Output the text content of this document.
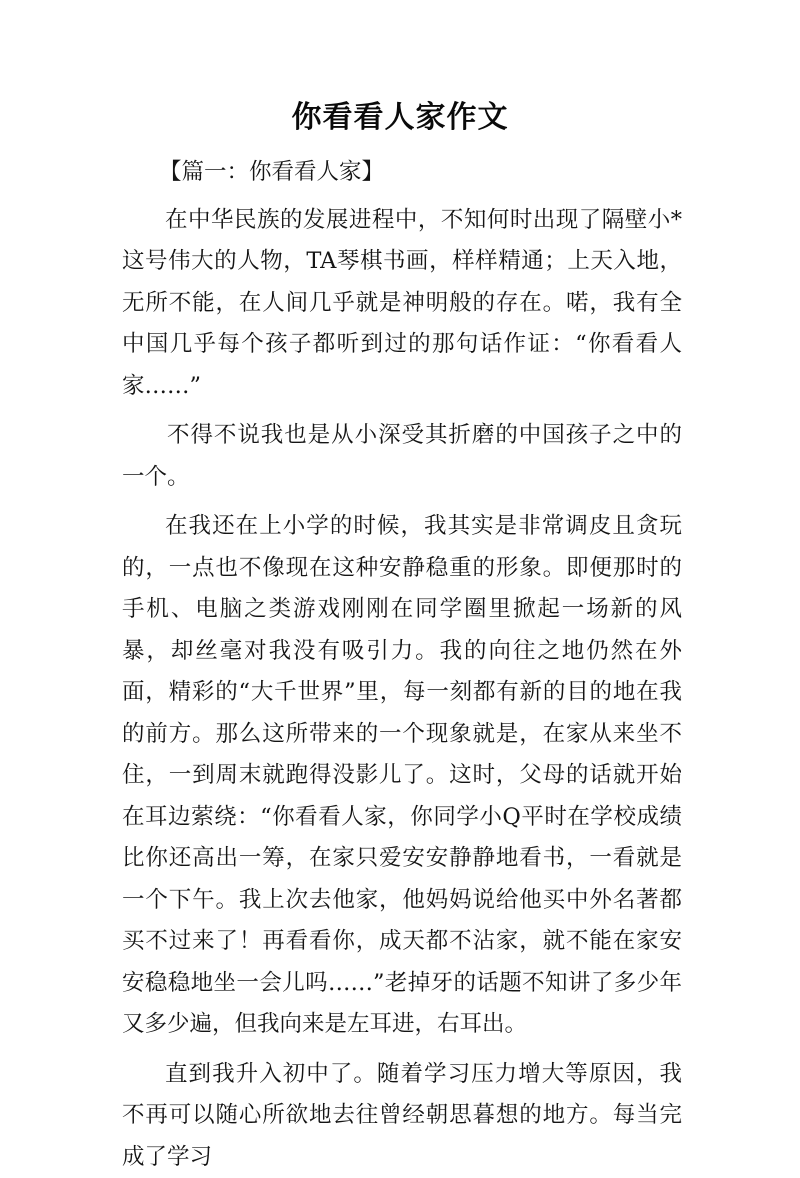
你看看人家作文

【篇一：你看看人家】

在中华民族的发展进程中，不知何时出现了隔壁小*这号伟大的人物，TA琴棋书画，样样精通；上天入地，无所不能，在人间几乎就是神明般的存在。喏，我有全中国几乎每个孩子都听到过的那句话作证：“你看看人家……”

不得不说我也是从小深受其折磨的中国孩子之中的一个。

在我还在上小学的时候，我其实是非常调皮且贪玩的，一点也不像现在这种安静稳重的形象。即便那时的手机、电脑之类游戏刚刚在同学圈里掀起一场新的风暴，却丝毫对我没有吸引力。我的向往之地仍然在外面，精彩的“大千世界”里，每一刻都有新的目的地在我的前方。那么这所带来的一个现象就是，在家从来坐不住，一到周末就跑得没影儿了。这时，父母的话就开始在耳边萦绕：“你看看人家，你同学小Q平时在学校成绩比你还高出一筹，在家只爱安安静静地看书，一看就是一个下午。我上次去他家，他妈妈说给他买中外名著都买不过来了！再看看你，成天都不沾家，就不能在家安安稳稳地坐一会儿吗……”老掉牙的话题不知讲了多少年又多少遍，但我向来是左耳进，右耳出。

直到我升入初中了。随着学习压力增大等原因，我不再可以随心所欲地去往曾经朝思暮想的地方。每当完成了学习
